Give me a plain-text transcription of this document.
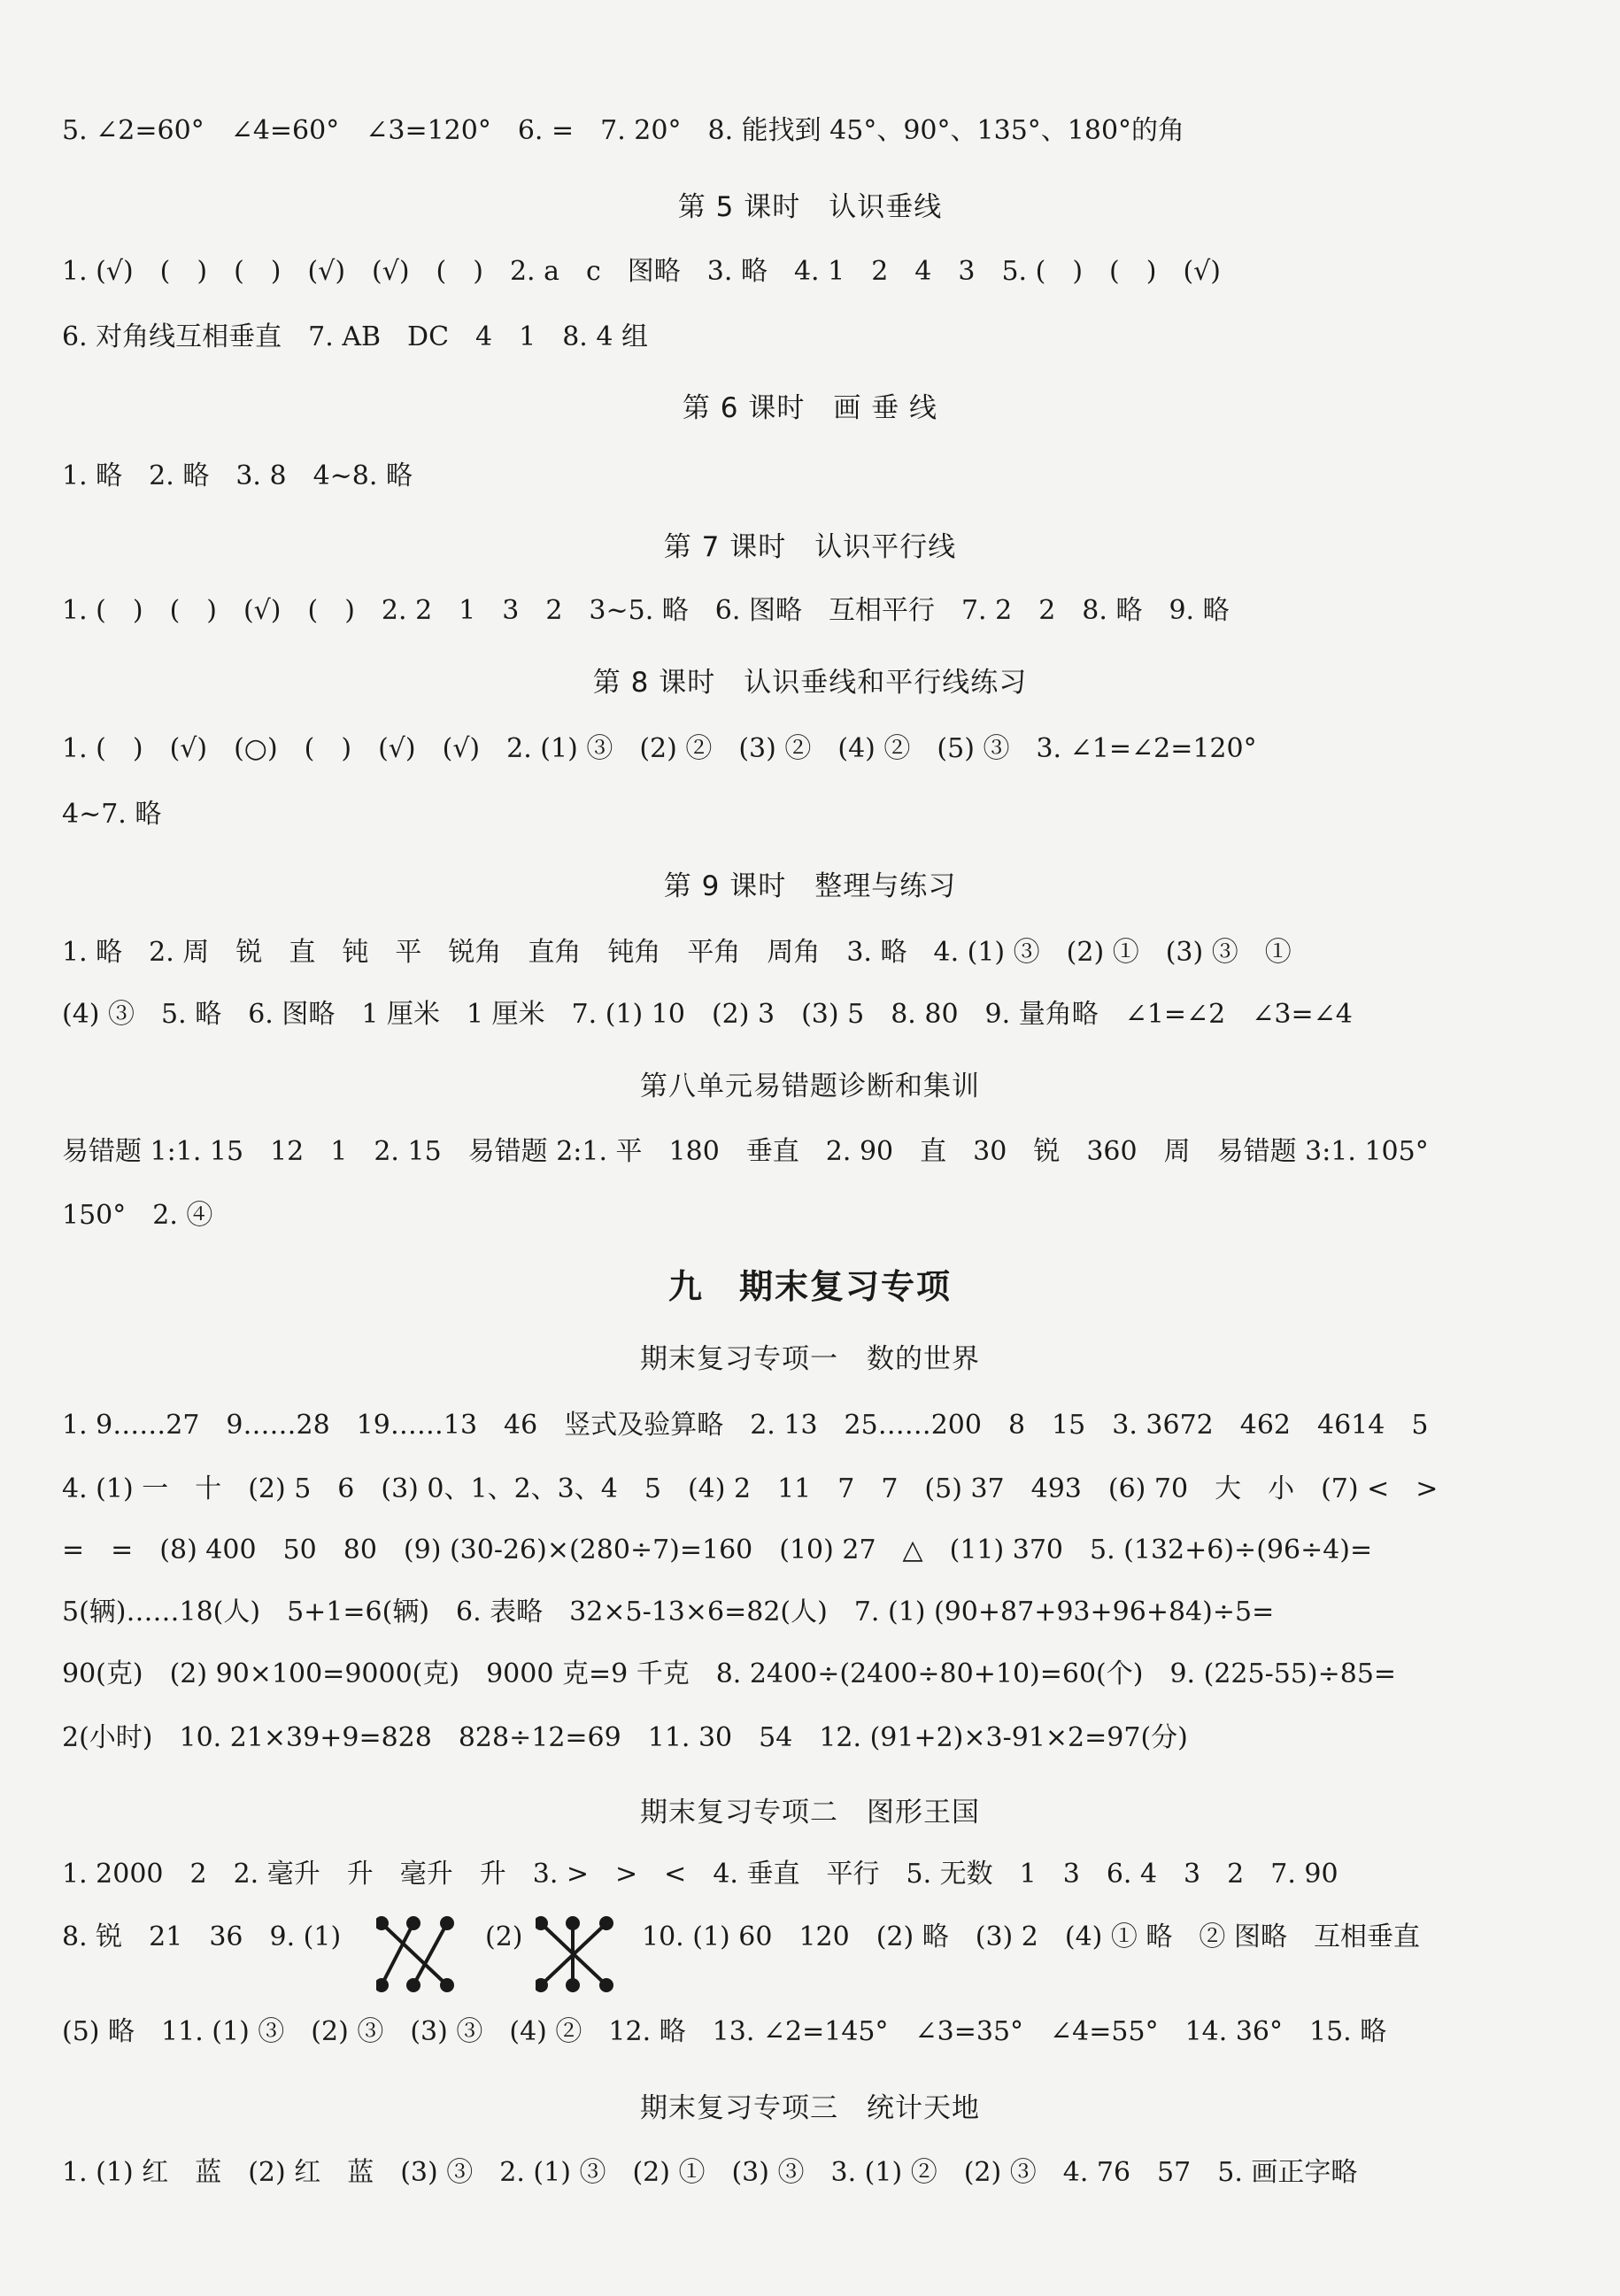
5. ∠2=60°　∠4=60°　∠3=120°　6. =　7. 20°　8. 能找到 45°、90°、135°、180°的角
第 5 课时　认识垂线
1. (√)　(　)　(　)　(√)　(√)　(　)　2. a　c　图略　3. 略　4. 1　2　4　3　5. (　)　(　)　(√)
6. 对角线互相垂直　7. AB　DC　4　1　8. 4 组
第 6 课时　画 垂 线
1. 略　2. 略　3. 8　4~8. 略
第 7 课时　认识平行线
1. (　)　(　)　(√)　(　)　2. 2　1　3　2　3~5. 略　6. 图略　互相平行　7. 2　2　8. 略　9. 略
第 8 课时　认识垂线和平行线练习
1. (　)　(√)　(○)　(　)　(√)　(√)　2. (1) ③　(2) ②　(3) ②　(4) ②　(5) ③　3. ∠1=∠2=120°
4~7. 略
第 9 课时　整理与练习
1. 略　2. 周　锐　直　钝　平　锐角　直角　钝角　平角　周角　3. 略　4. (1) ③　(2) ①　(3) ③　①
(4) ③　5. 略　6. 图略　1 厘米　1 厘米　7. (1) 10　(2) 3　(3) 5　8. 80　9. 量角略　∠1=∠2　∠3=∠4
第八单元易错题诊断和集训
易错题 1:1. 15　12　1　2. 15　易错题 2:1. 平　180　垂直　2. 90　直　30　锐　360　周　易错题 3:1. 105°
150°　2. ④
九　期末复习专项
期末复习专项一　数的世界
1. 9……27　9……28　19……13　46　竖式及验算略　2. 13　25……200　8　15　3. 3672　462　4614　5
4. (1) 一　十　(2) 5　6　(3) 0、1、2、3、4　5　(4) 2　11　7　7　(5) 37　493　(6) 70　大　小　(7) <　>
=　=　(8) 400　50　80　(9) (30-26)×(280÷7)=160　(10) 27　△　(11) 370　5. (132+6)÷(96÷4)=
5(辆)……18(人)　5+1=6(辆)　6. 表略　32×5-13×6=82(人)　7. (1) (90+87+93+96+84)÷5=
90(克)　(2) 90×100=9000(克)　9000 克=9 千克　8. 2400÷(2400÷80+10)=60(个)　9. (225-55)÷85=
2(小时)　10. 21×39+9=828　828÷12=69　11. 30　54　12. (91+2)×3-91×2=97(分)
期末复习专项二　图形王国
1. 2000　2　2. 毫升　升　毫升　升　3. >　>　<　4. 垂直　平行　5. 无数　1　3　6. 4　3　2　7. 90
8. 锐　21　36　9. (1)	(2)	10. (1) 60　120　(2) 略　(3) 2　(4) ① 略　② 图略　互相垂直
(5) 略　11. (1) ③　(2) ③　(3) ③　(4) ②　12. 略　13. ∠2=145°　∠3=35°　∠4=55°　14. 36°　15. 略
期末复习专项三　统计天地
1. (1) 红　蓝　(2) 红　蓝　(3) ③　2. (1) ③　(2) ①　(3) ③　3. (1) ②　(2) ③　4. 76　57　5. 画正字略
